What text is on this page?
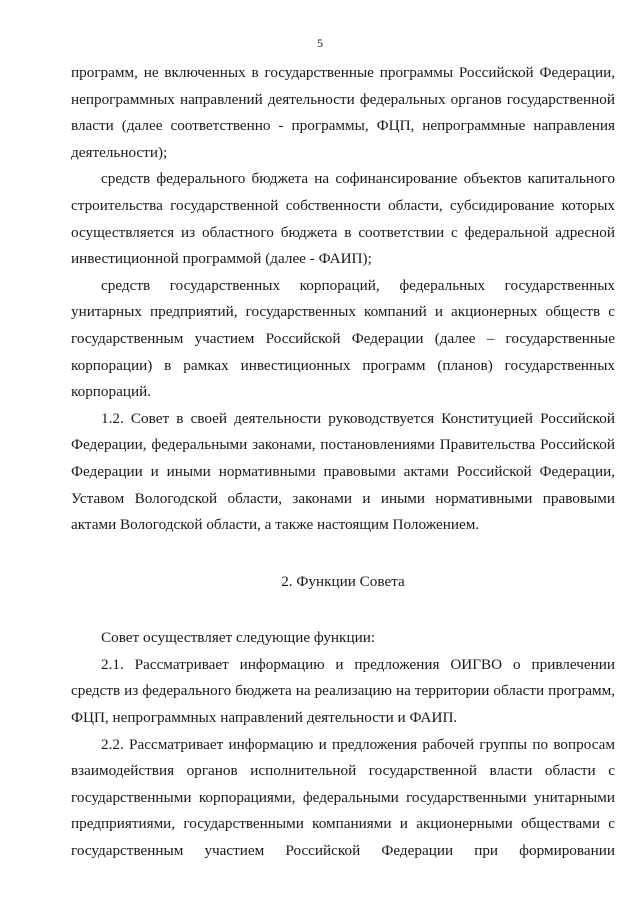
5

программ, не включенных в государственные программы Российской Федерации, непрограммных направлений деятельности федеральных органов государственной власти (далее соответственно - программы, ФЦП, непрограммные направления деятельности);

средств федерального бюджета на софинансирование объектов капитального строительства государственной собственности области, субсидирование которых осуществляется из областного бюджета в соответствии с федеральной адресной инвестиционной программой (далее - ФАИП);

средств государственных корпораций, федеральных государственных унитарных предприятий, государственных компаний и акционерных обществ с государственным участием Российской Федерации (далее – государственные корпорации) в рамках инвестиционных программ (планов) государственных корпораций.

1.2. Совет в своей деятельности руководствуется Конституцией Российской Федерации, федеральными законами, постановлениями Правительства Российской Федерации и иными нормативными правовыми актами Российской Федерации, Уставом Вологодской области, законами и иными нормативными правовыми актами Вологодской области, а также настоящим Положением.

2. Функции Совета

Совет осуществляет следующие функции:

2.1. Рассматривает информацию и предложения ОИГВО о привлечении средств из федерального бюджета на реализацию на территории области программ, ФЦП, непрограммных направлений деятельности и ФАИП.

2.2. Рассматривает информацию и предложения рабочей группы по вопросам взаимодействия органов исполнительной государственной власти области с государственными корпорациями, федеральными государственными унитарными предприятиями, государственными компаниями и акционерными обществами с государственным участием Российской Федерации при формировании
